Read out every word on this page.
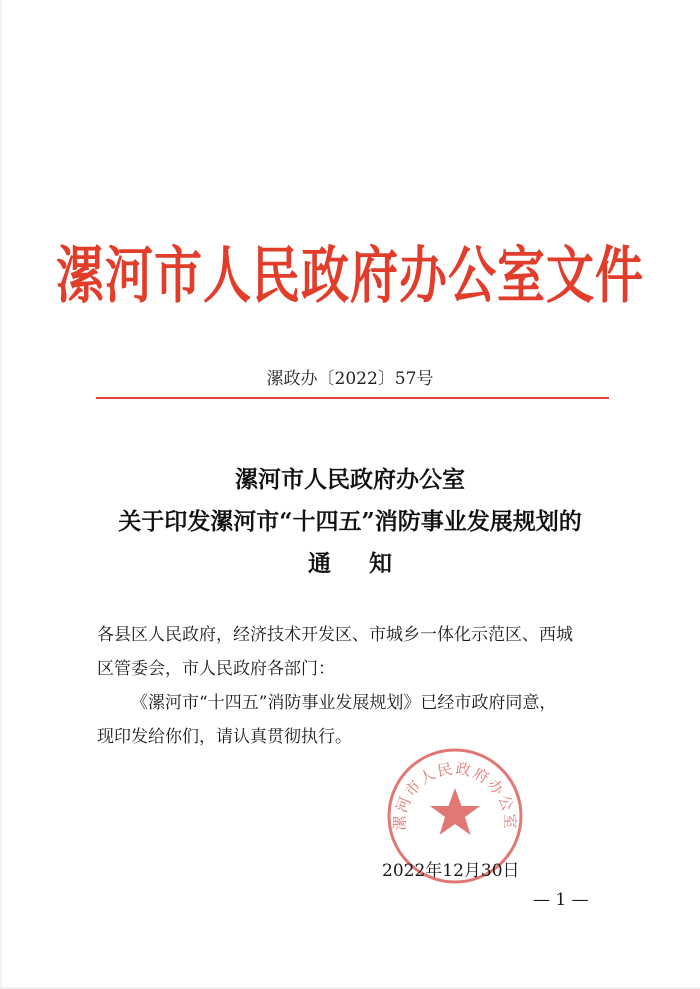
漯河市人民政府办公室文件
漯政办〔2022〕57号
漯河市人民政府办公室
关于印发漯河市“十四五”消防事业发展规划的
通知
各县区人民政府，经济技术开发区、市城乡一体化示范区、西城
区管委会，市人民政府各部门：
《漯河市“十四五”消防事业发展规划》已经市政府同意，
现印发给你们，请认真贯彻执行。
漯河市人民政府办公室
2022年12月30日
— 1 —
